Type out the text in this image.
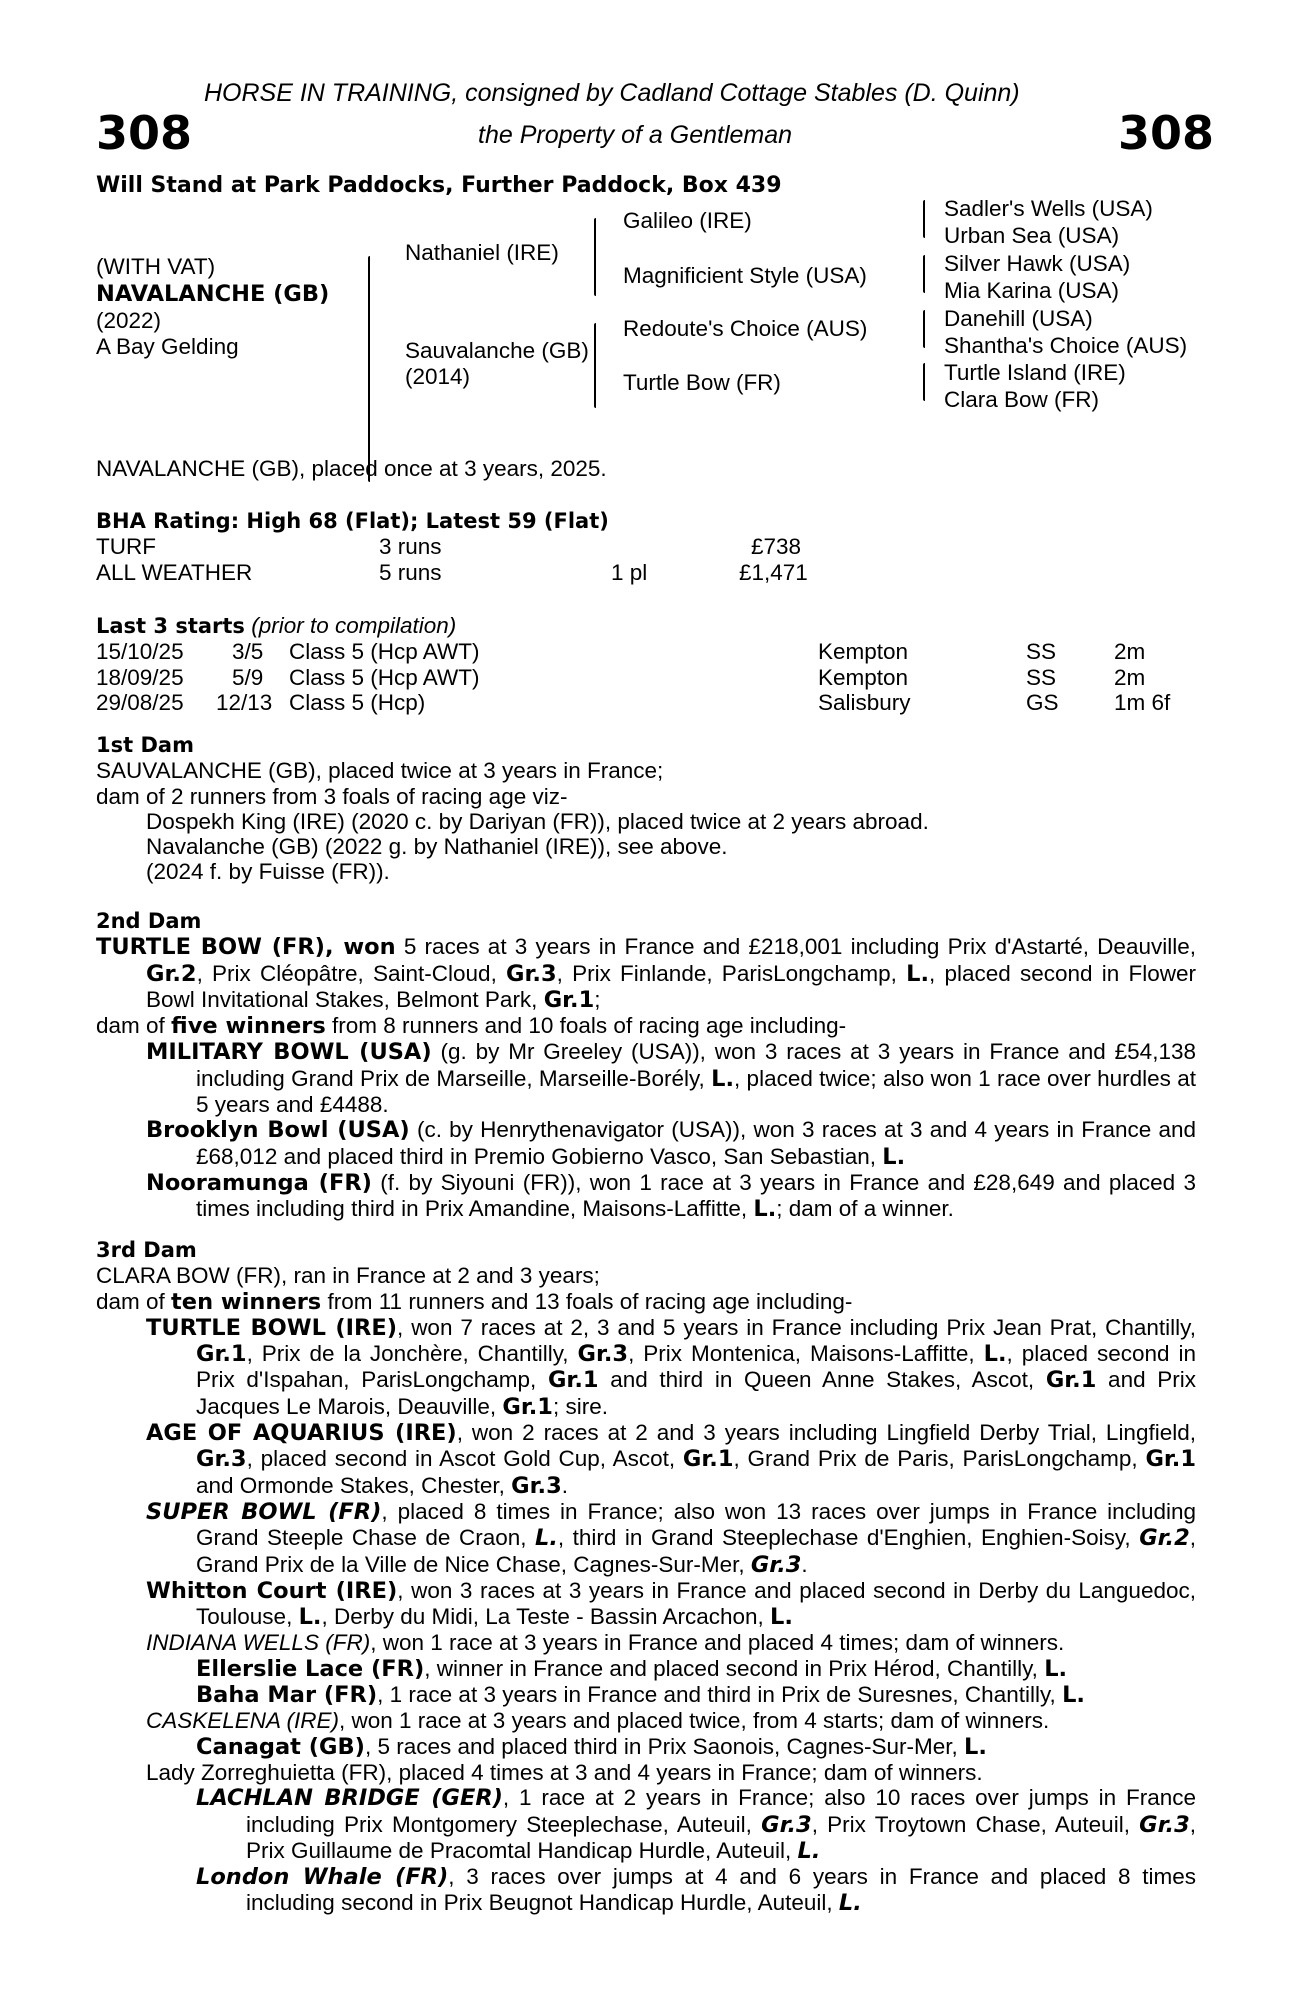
HORSE IN TRAINING, consigned by Cadland Cottage Stables (D. Quinn)
308	the Property of a Gentleman	308
Will Stand at Park Paddocks, Further Paddock, Box 439
(WITH VAT)
NAVALANCHE (GB)
(2022)
A Bay Gelding
Nathaniel (IRE)
Sauvalanche (GB)
(2014)
Galileo (IRE)
Magnificient Style (USA)
Redoute's Choice (AUS)
Turtle Bow (FR)
Sadler's Wells (USA)
Urban Sea (USA)
Silver Hawk (USA)
Mia Karina (USA)
Danehill (USA)
Shantha's Choice (AUS)
Turtle Island (IRE)
Clara Bow (FR)
NAVALANCHE (GB), placed once at 3 years, 2025.
BHA Rating: High 68 (Flat); Latest 59 (Flat)
TURF	3 runs	£738
ALL WEATHER	5 runs	1 pl	£1,471
Last 3 starts (prior to compilation)
15/10/25 3/5 Class 5 (Hcp AWT)	Kempton	SS	2m
18/09/25 5/9 Class 5 (Hcp AWT)	Kempton	SS	2m
29/08/25 12/13 Class 5 (Hcp)	Salisbury	GS 1m 6f
1st Dam
SAUVALANCHE (GB), placed twice at 3 years in France;
dam of 2 runners from 3 foals of racing age viz-
Dospekh King (IRE) (2020 c. by Dariyan (FR)), placed twice at 2 years abroad.
Navalanche (GB) (2022 g. by Nathaniel (IRE)), see above.
(2024 f. by Fuisse (FR)).
2nd Dam

TURTLE BOW (FR), won 5 races at 3 years in France and £218,001 including Prix d'Astarté, Deauville, Gr.2, Prix Cléopâtre, Saint-Cloud, Gr.3, Prix Finlande, ParisLongchamp, L., placed second in Flower Bowl Invitational Stakes, Belmont Park, Gr.1;

dam of five winners from 8 runners and 10 foals of racing age including-

MILITARY BOWL (USA) (g. by Mr Greeley (USA)), won 3 races at 3 years in France and £54,138 including Grand Prix de Marseille, Marseille-Borély, L., placed twice; also won 1 race over hurdles at 5 years and £4488.

Brooklyn Bowl (USA) (c. by Henrythenavigator (USA)), won 3 races at 3 and 4 years in France and £68,012 and placed third in Premio Gobierno Vasco, San Sebastian, L.

Nooramunga (FR) (f. by Siyouni (FR)), won 1 race at 3 years in France and £28,649 and placed 3 times including third in Prix Amandine, Maisons-Laffitte, L.; dam of a winner.

3rd Dam
CLARA BOW (FR), ran in France at 2 and 3 years;
dam of ten winners from 11 runners and 13 foals of racing age including-

TURTLE BOWL (IRE), won 7 races at 2, 3 and 5 years in France including Prix Jean Prat, Chantilly, Gr.1, Prix de la Jonchère, Chantilly, Gr.3, Prix Montenica, Maisons-Laffitte, L., placed second in Prix d'Ispahan, ParisLongchamp, Gr.1 and third in Queen Anne Stakes, Ascot, Gr.1 and Prix Jacques Le Marois, Deauville, Gr.1; sire.

AGE OF AQUARIUS (IRE), won 2 races at 2 and 3 years including Lingfield Derby Trial, Lingfield, Gr.3, placed second in Ascot Gold Cup, Ascot, Gr.1, Grand Prix de Paris, ParisLongchamp, Gr.1 and Ormonde Stakes, Chester, Gr.3.

SUPER BOWL (FR), placed 8 times in France; also won 13 races over jumps in France including Grand Steeple Chase de Craon, L., third in Grand Steeplechase d'Enghien, Enghien-Soisy, Gr.2, Grand Prix de la Ville de Nice Chase, Cagnes-Sur-Mer, Gr.3.

Whitton Court (IRE), won 3 races at 3 years in France and placed second in Derby du Languedoc, Toulouse, L., Derby du Midi, La Teste - Bassin Arcachon, L.

INDIANA WELLS (FR), won 1 race at 3 years in France and placed 4 times; dam of winners.

Ellerslie Lace (FR), winner in France and placed second in Prix Hérod, Chantilly, L.

Baha Mar (FR), 1 race at 3 years in France and third in Prix de Suresnes, Chantilly, L.

CASKELENA (IRE), won 1 race at 3 years and placed twice, from 4 starts; dam of winners.

Canagat (GB), 5 races and placed third in Prix Saonois, Cagnes-Sur-Mer, L.

Lady Zorreghuietta (FR), placed 4 times at 3 and 4 years in France; dam of winners.

LACHLAN BRIDGE (GER), 1 race at 2 years in France; also 10 races over jumps in France including Prix Montgomery Steeplechase, Auteuil, Gr.3, Prix Troytown Chase, Auteuil, Gr.3, Prix Guillaume de Pracomtal Handicap Hurdle, Auteuil, L.

London Whale (FR), 3 races over jumps at 4 and 6 years in France and placed 8 times including second in Prix Beugnot Handicap Hurdle, Auteuil, L.
